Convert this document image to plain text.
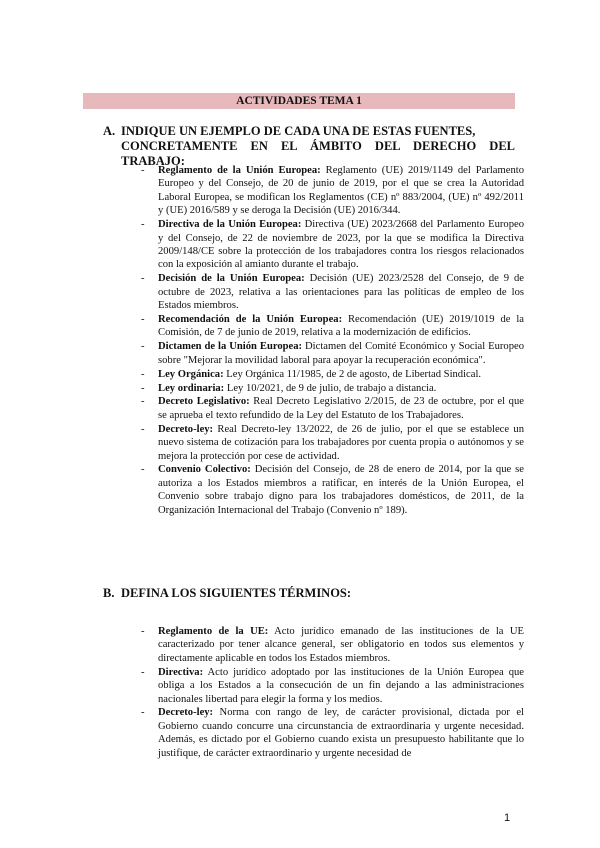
ACTIVIDADES TEMA 1
A. INDIQUE UN EJEMPLO DE CADA UNA DE ESTAS FUENTES,
CONCRETAMENTE EN EL ÁMBITO DEL DERECHO DEL TRABAJO:
- Reglamento de la Unión Europea: Reglamento (UE) 2019/1149 del Parlamento Europeo y del Consejo, de 20 de junio de 2019, por el que se crea la Autoridad Laboral Europea, se modifican los Reglamentos (CE) nº 883/2004, (UE) nº 492/2011 y (UE) 2016/589 y se deroga la Decisión (UE) 2016/344.
- Directiva de la Unión Europea: Directiva (UE) 2023/2668 del Parlamento Europeo y del Consejo, de 22 de noviembre de 2023, por la que se modifica la Directiva 2009/148/CE sobre la protección de los trabajadores contra los riesgos relacionados con la exposición al amianto durante el trabajo.
- Decisión de la Unión Europea: Decisión (UE) 2023/2528 del Consejo, de 9 de octubre de 2023, relativa a las orientaciones para las políticas de empleo de los Estados miembros.
- Recomendación de la Unión Europea: Recomendación (UE) 2019/1019 de la Comisión, de 7 de junio de 2019, relativa a la modernización de edificios.
- Dictamen de la Unión Europea: Dictamen del Comité Económico y Social Europeo sobre "Mejorar la movilidad laboral para apoyar la recuperación económica".
- Ley Orgánica: Ley Orgánica 11/1985, de 2 de agosto, de Libertad Sindical.
- Ley ordinaria: Ley 10/2021, de 9 de julio, de trabajo a distancia.
- Decreto Legislativo: Real Decreto Legislativo 2/2015, de 23 de octubre, por el que se aprueba el texto refundido de la Ley del Estatuto de los Trabajadores.
- Decreto-ley: Real Decreto-ley 13/2022, de 26 de julio, por el que se establece un nuevo sistema de cotización para los trabajadores por cuenta propia o autónomos y se mejora la protección por cese de actividad.
- Convenio Colectivo: Decisión del Consejo, de 28 de enero de 2014, por la que se autoriza a los Estados miembros a ratificar, en interés de la Unión Europea, el Convenio sobre trabajo digno para los trabajadores domésticos, de 2011, de la Organización Internacional del Trabajo (Convenio nº 189).
B. DEFINA LOS SIGUIENTES TÉRMINOS:
- Reglamento de la UE: Acto jurídico emanado de las instituciones de la UE caracterizado por tener alcance general, ser obligatorio en todos sus elementos y directamente aplicable en todos los Estados miembros.
- Directiva: Acto jurídico adoptado por las instituciones de la Unión Europea que obliga a los Estados a la consecución de un fin dejando a las administraciones nacionales libertad para elegir la forma y los medios.
- Decreto-ley: Norma con rango de ley, de carácter provisional, dictada por el Gobierno cuando concurre una circunstancia de extraordinaria y urgente necesidad. Además, es dictado por el Gobierno cuando exista un presupuesto habilitante que lo justifique, de carácter extraordinario y urgente necesidad de
1
